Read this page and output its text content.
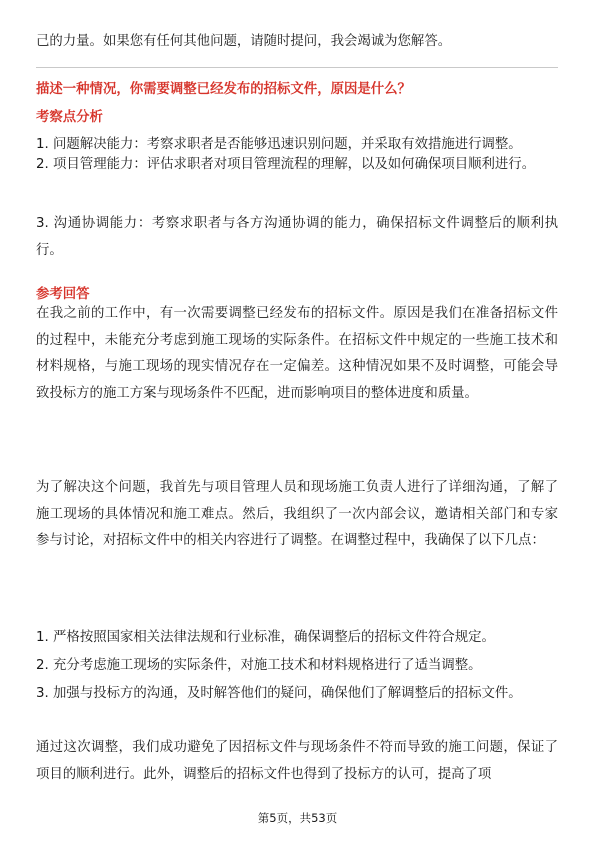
己的力量。如果您有任何其他问题，请随时提问，我会竭诚为您解答。

描述一种情况，你需要调整已经发布的招标文件，原因是什么？

考察点分析

1. 问题解决能力：考察求职者是否能够迅速识别问题，并采取有效措施进行调整。

2. 项目管理能力：评估求职者对项目管理流程的理解，以及如何确保项目顺利进行。

3. 沟通协调能力：考察求职者与各方沟通协调的能力，确保招标文件调整后的顺利执行。

参考回答

在我之前的工作中，有一次需要调整已经发布的招标文件。原因是我们在准备招标文件的过程中，未能充分考虑到施工现场的实际条件。在招标文件中规定的一些施工技术和材料规格，与施工现场的现实情况存在一定偏差。这种情况如果不及时调整，可能会导致投标方的施工方案与现场条件不匹配，进而影响项目的整体进度和质量。

为了解决这个问题，我首先与项目管理人员和现场施工负责人进行了详细沟通，了解了施工现场的具体情况和施工难点。然后，我组织了一次内部会议，邀请相关部门和专家参与讨论，对招标文件中的相关内容进行了调整。在调整过程中，我确保了以下几点：

1. 严格按照国家相关法律法规和行业标准，确保调整后的招标文件符合规定。

2. 充分考虑施工现场的实际条件，对施工技术和材料规格进行了适当调整。

3. 加强与投标方的沟通，及时解答他们的疑问，确保他们了解调整后的招标文件。

通过这次调整，我们成功避免了因招标文件与现场条件不符而导致的施工问题，保证了项目的顺利进行。此外，调整后的招标文件也得到了投标方的认可，提高了项

第5页，共53页
